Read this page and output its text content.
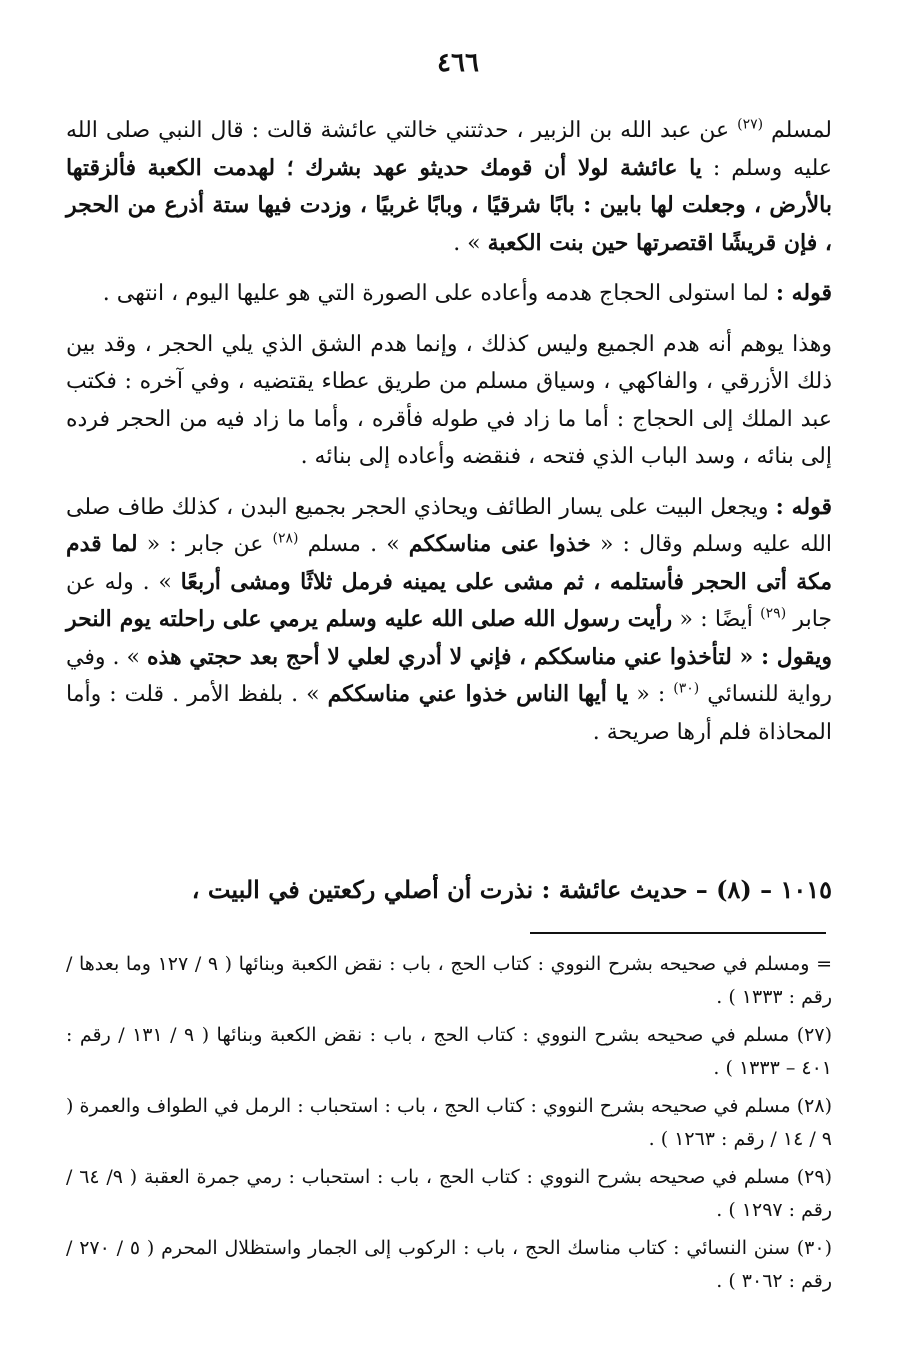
٤٦٦

لمسلم $^{(٢٧)}$ عن عبد الله بن الزبير ، حدثتني خالتي عائشة قالت : قال النبي صلى الله عليه وسلم : يا عائشة لولا أن قومك حديثو عهد بشرك ؛ لهدمت الكعبة فألزقتها بالأرض ، وجعلت لها بابين : بابًا شرقيًا ، وبابًا غربيًا ، وزدت فيها ستة أذرع من الحجر ، فإن قريشًا اقتصرتها حين بنت الكعبة » .

قوله : لما استولى الحجاج هدمه وأعاده على الصورة التي هو عليها اليوم ، انتهى .

وهذا يوهم أنه هدم الجميع وليس كذلك ، وإنما هدم الشق الذي يلي الحجر ، وقد بين ذلك الأزرقي ، والفاكهي ، وسياق مسلم من طريق عطاء يقتضيه ، وفي آخره : فكتب عبد الملك إلى الحجاج : أما ما زاد في طوله فأقره ، وأما ما زاد فيه من الحجر فرده إلى بنائه ، وسد الباب الذي فتحه ، فنقضه وأعاده إلى بنائه .

قوله : ويجعل البيت على يسار الطائف ويحاذي الحجر بجميع البدن ، كذلك طاف صلى الله عليه وسلم وقال : « خذوا عنى مناسككم » . مسلم $^{(٢٨)}$ عن جابر : « لما قدم مكة أتى الحجر فأستلمه ، ثم مشى على يمينه فرمل ثلاثًا ومشى أربعًا » . وله عن جابر $^{(٢٩)}$ أيضًا : « رأيت رسول الله صلى الله عليه وسلم يرمي على راحلته يوم النحر ويقول : « لتأخذوا عني مناسككم ، فإني لا أدري لعلي لا أحج بعد حجتي هذه » . وفي رواية للنسائي $^{(٣٠)}$ : « يا أيها الناس خذوا عني مناسككم » . بلفظ الأمر . قلت : وأما المحاذاة فلم أرها صريحة .

١٠١٥ – (٨) – حديث عائشة : نذرت أن أصلي ركعتين في البيت ،

= ومسلم في صحيحه بشرح النووي : كتاب الحج ، باب : نقض الكعبة وبنائها ( ٩ / ١٢٧ وما بعدها / رقم : ١٣٣٣ ) .

(٢٧) مسلم في صحيحه بشرح النووي : كتاب الحج ، باب : نقض الكعبة وبنائها ( ٩ / ١٣١ / رقم : ٤٠١ – ١٣٣٣ ) .

(٢٨) مسلم في صحيحه بشرح النووي : كتاب الحج ، باب : استحباب : الرمل في الطواف والعمرة ( ٩ / ١٤ / رقم : ١٢٦٣ ) .

(٢٩) مسلم في صحيحه بشرح النووي : كتاب الحج ، باب : استحباب : رمي جمرة العقبة ( ٩/ ٦٤ / رقم : ١٢٩٧ ) .

(٣٠) سنن النسائي : كتاب مناسك الحج ، باب : الركوب إلى الجمار واستظلال المحرم ( ٥ / ٢٧٠ / رقم : ٣٠٦٢ ) .
